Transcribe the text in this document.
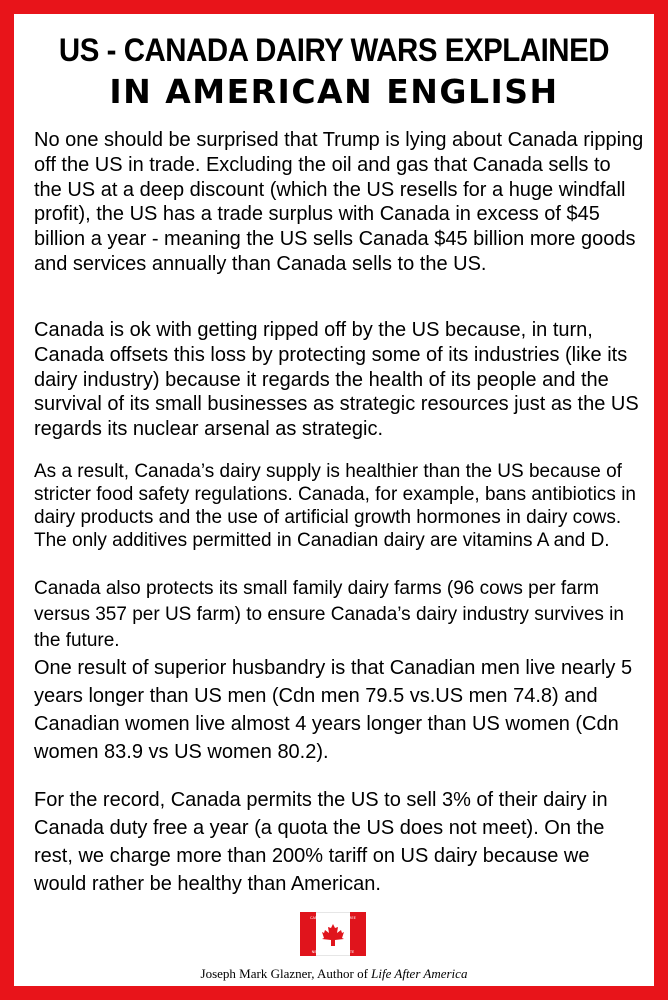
US - CANADA DAIRY WARS EXPLAINED
IN AMERICAN ENGLISH

No one should be surprised that Trump is lying about Canada ripping off the US in trade. Excluding the oil and gas that Canada sells to the US at a deep discount (which the US resells for a huge windfall profit), the US has a trade surplus with Canada in excess of $45 billion a year - meaning the US sells Canada $45 billion more goods and services annually than Canada sells to the US.

Canada is ok with getting ripped off by the US because, in turn, Canada offsets this loss by protecting some of its industries (like its dairy industry) because it regards the health of its people and the survival of its small businesses as strategic resources just as the US regards its nuclear arsenal as strategic.

As a result, Canada’s dairy supply is healthier than the US because of stricter food safety regulations. Canada, for example, bans antibiotics in dairy products and the use of artificial growth hormones in dairy cows. The only additives permitted in Canadian dairy are vitamins A and D.

Canada also protects its small family dairy farms (96 cows per farm versus 357 per US farm) to ensure Canada’s dairy industry survives in the future.

One result of superior husbandry is that Canadian men live nearly 5 years longer than US men (Cdn men 79.5 vs.US men 74.8) and Canadian women live almost 4 years longer than US women (Cdn women 83.9 vs US women 80.2).

For the record, Canada permits the US to sell 3% of their dairy in Canada duty free a year (a quota the US does not meet). On the rest, we charge more than 200% tariff on US dairy because we would rather be healthy than American.

CANADA STRONG & FREE
NEVER THE 51ST STATE
Joseph Mark Glazner, Author of Life After America
